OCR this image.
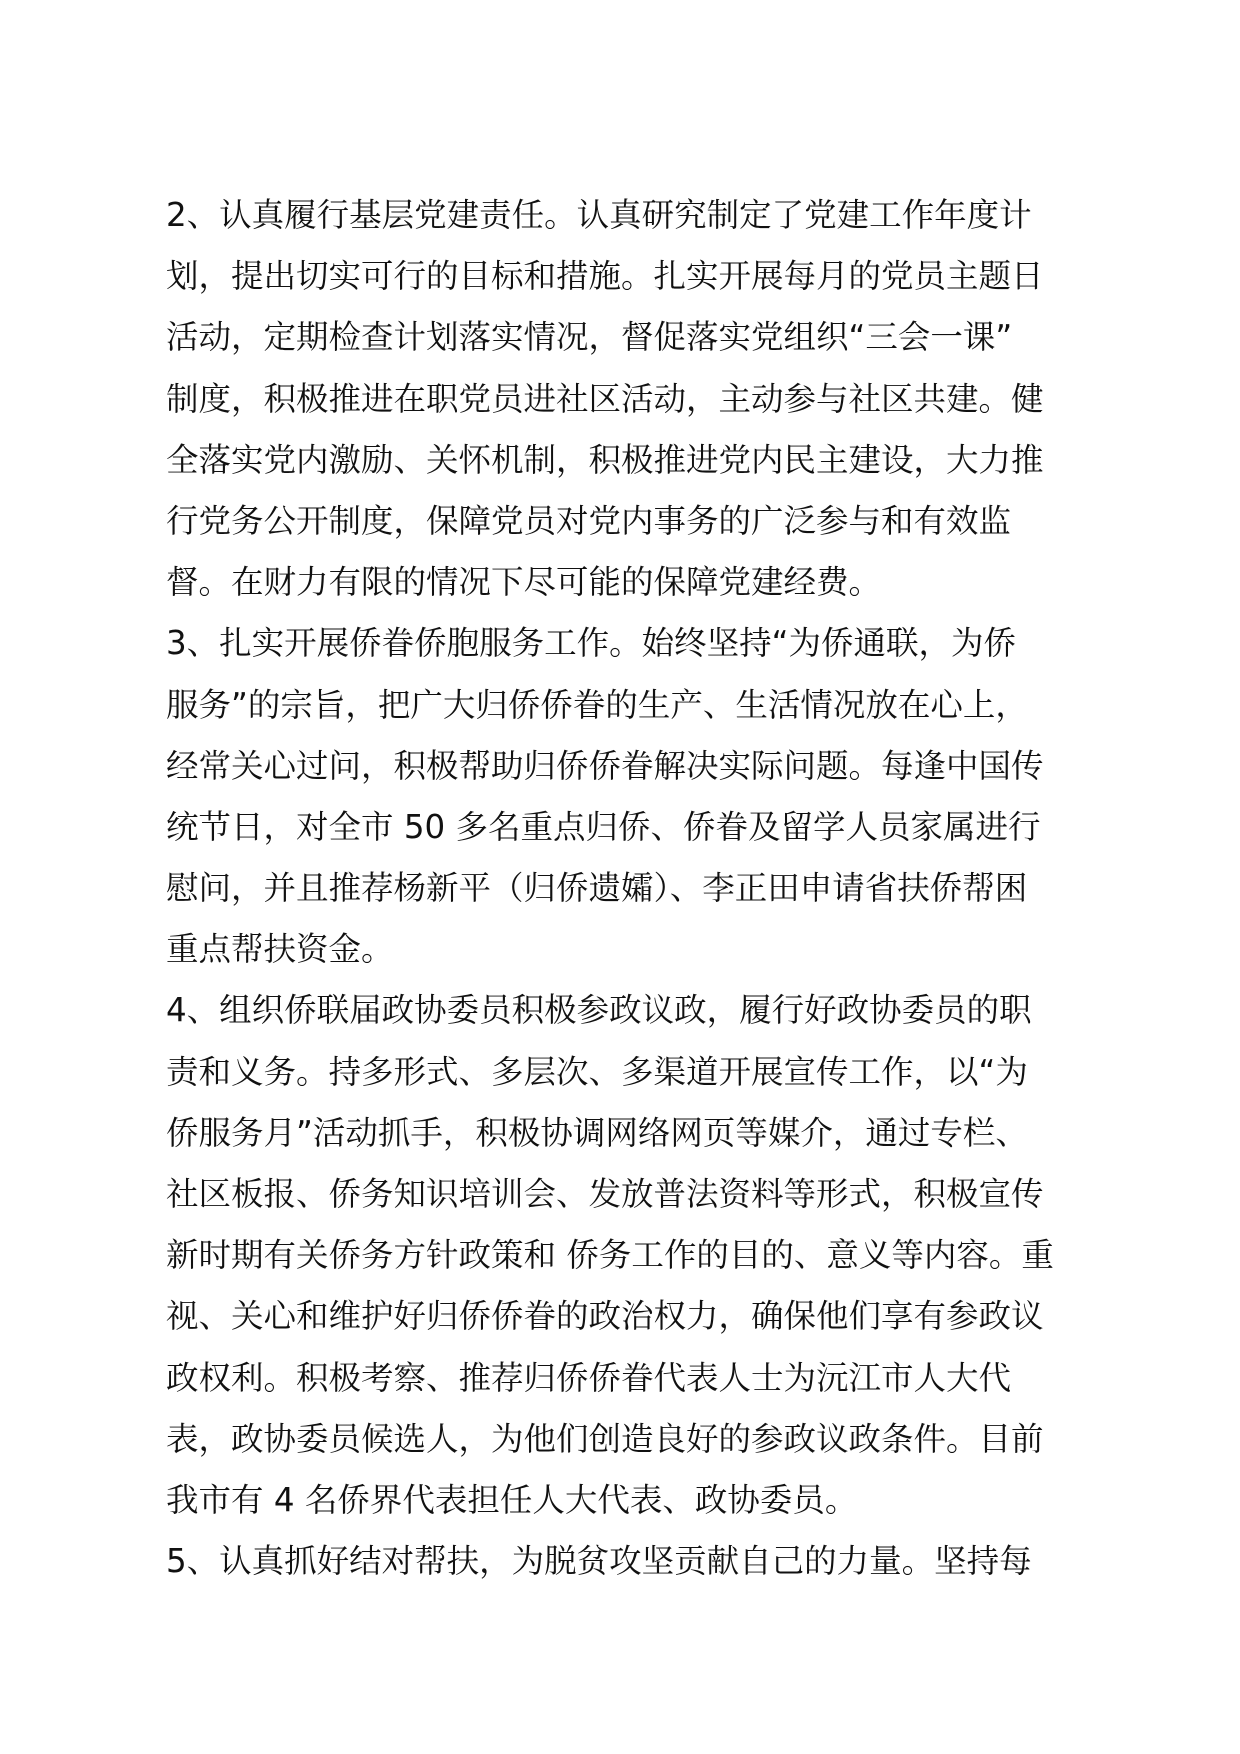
2、认真履行基层党建责任。认真研究制定了党建工作年度计
划，提出切实可行的目标和措施。扎实开展每月的党员主题日
活动，定期检查计划落实情况，督促落实党组织“三会一课”
制度，积极推进在职党员进社区活动，主动参与社区共建。健
全落实党内激励、关怀机制，积极推进党内民主建设，大力推
行党务公开制度，保障党员对党内事务的广泛参与和有效监
督。在财力有限的情况下尽可能的保障党建经费。
3、扎实开展侨眷侨胞服务工作。始终坚持“为侨通联，为侨
服务”的宗旨，把广大归侨侨眷的生产、生活情况放在心上，
经常关心过问，积极帮助归侨侨眷解决实际问题。每逢中国传
统节日，对全市 50 多名重点归侨、侨眷及留学人员家属进行
慰问，并且推荐杨新平（归侨遗孀）、李正田申请省扶侨帮困
重点帮扶资金。
4、组织侨联届政协委员积极参政议政，履行好政协委员的职
责和义务。持多形式、多层次、多渠道开展宣传工作，以“为
侨服务月”活动抓手，积极协调网络网页等媒介，通过专栏、
社区板报、侨务知识培训会、发放普法资料等形式，积极宣传
新时期有关侨务方针政策和 侨务工作的目的、意义等内容。重
视、关心和维护好归侨侨眷的政治权力，确保他们享有参政议
政权利。积极考察、推荐归侨侨眷代表人士为沅江市人大代
表，政协委员候选人，为他们创造良好的参政议政条件。目前
我市有 4 名侨界代表担任人大代表、政协委员。
5、认真抓好结对帮扶，为脱贫攻坚贡献自己的力量。坚持每
